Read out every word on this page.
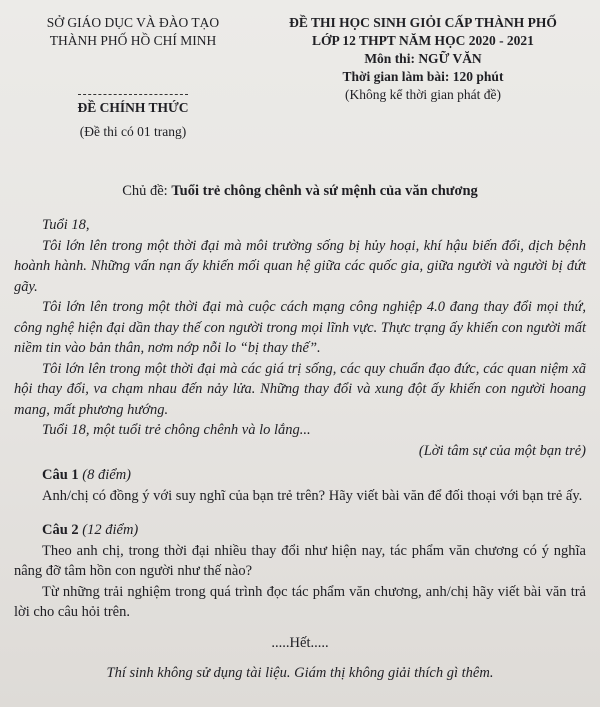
SỞ GIÁO DỤC VÀ ĐÀO TẠO
THÀNH PHỐ HỒ CHÍ MINH
ĐỀ CHÍNH THỨC
(Đề thi có 01 trang)
ĐỀ THI HỌC SINH GIỎI CẤP THÀNH PHỐ
LỚP 12 THPT NĂM HỌC 2020 - 2021
Môn thi: NGỮ VĂN
Thời gian làm bài: 120 phút
(Không kể thời gian phát đề)
Chủ đề: Tuổi trẻ chông chênh và sứ mệnh của văn chương

Tuổi 18,

Tôi lớn lên trong một thời đại mà môi trường sống bị hủy hoại, khí hậu biến đổi, dịch bệnh hoành hành. Những vấn nạn ấy khiến mối quan hệ giữa các quốc gia, giữa người và người bị đứt gãy.

Tôi lớn lên trong một thời đại mà cuộc cách mạng công nghiệp 4.0 đang thay đổi mọi thứ, công nghệ hiện đại dần thay thế con người trong mọi lĩnh vực. Thực trạng ấy khiến con người mất niềm tin vào bản thân, nơm nớp nỗi lo “bị thay thế”.

Tôi lớn lên trong một thời đại mà các giá trị sống, các quy chuẩn đạo đức, các quan niệm xã hội thay đổi, va chạm nhau đến nảy lửa. Những thay đổi và xung đột ấy khiến con người hoang mang, mất phương hướng.

Tuổi 18, một tuổi trẻ chông chênh và lo lắng...

(Lời tâm sự của một bạn trẻ)

Câu 1 (8 điểm)

Anh/chị có đồng ý với suy nghĩ của bạn trẻ trên? Hãy viết bài văn để đối thoại với bạn trẻ ấy.

Câu 2 (12 điểm)

Theo anh chị, trong thời đại nhiều thay đổi như hiện nay, tác phẩm văn chương có ý nghĩa nâng đỡ tâm hồn con người như thế nào?

Từ những trải nghiệm trong quá trình đọc tác phẩm văn chương, anh/chị hãy viết bài văn trả lời cho câu hỏi trên.

.....Hết.....

Thí sinh không sử dụng tài liệu. Giám thị không giải thích gì thêm.
